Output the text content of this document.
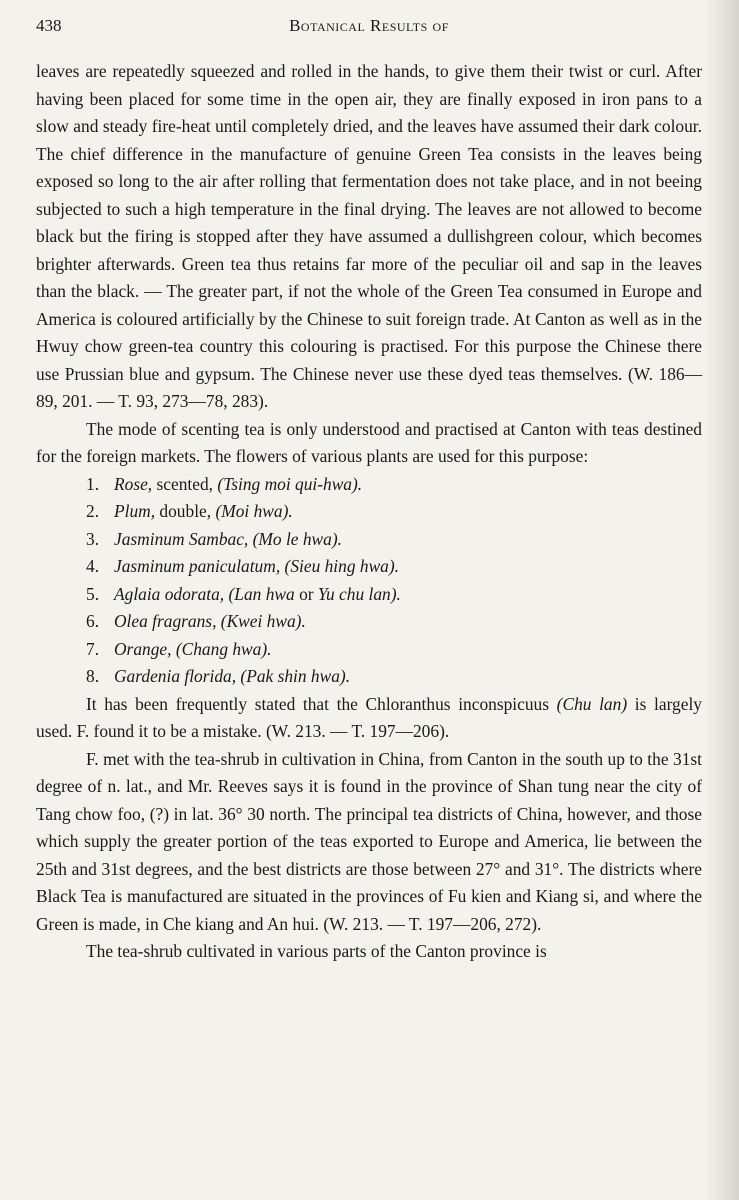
438	Botanical Results of

leaves are repeatedly squeezed and rolled in the hands, to give them their twist or curl. After having been placed for some time in the open air, they are finally exposed in iron pans to a slow and steady fire-heat until completely dried, and the leaves have assumed their dark colour. The chief difference in the manufacture of genuine Green Tea consists in the leaves being exposed so long to the air after rolling that fermentation does not take place, and in not beeing subjected to such a high temperature in the final drying. The leaves are not allowed to become black but the firing is stopped after they have assumed a dullishgreen colour, which becomes brighter afterwards. Green tea thus retains far more of the peculiar oil and sap in the leaves than the black. — The greater part, if not the whole of the Green Tea consumed in Europe and America is coloured artificially by the Chinese to suit foreign trade. At Canton as well as in the Hwuy chow green-tea country this colouring is practised. For this purpose the Chinese there use Prussian blue and gypsum. The Chinese never use these dyed teas themselves. (W. 186—89, 201. — T. 93, 273—78, 283).

The mode of scenting tea is only understood and practised at Canton with teas destined for the foreign markets. The flowers of various plants are used for this purpose:

1. Rose, scented, (Tsing moi qui-hwa).
2. Plum, double, (Moi hwa).
3. Jasminum Sambac, (Mo le hwa).
4. Jasminum paniculatum, (Sieu hing hwa).
5. Aglaia odorata, (Lan hwa or Yu chu lan).
6. Olea fragrans, (Kwei hwa).
7. Orange, (Chang hwa).
8. Gardenia florida, (Pak shin hwa).

It has been frequently stated that the Chloranthus inconspicuus (Chu lan) is largely used. F. found it to be a mistake. (W. 213. — T. 197—206).

F. met with the tea-shrub in cultivation in China, from Canton in the south up to the 31st degree of n. lat., and Mr. Reeves says it is found in the province of Shan tung near the city of Tang chow foo, (?) in lat. 36° 30 north. The principal tea districts of China, however, and those which supply the greater portion of the teas exported to Europe and America, lie between the 25th and 31st degrees, and the best districts are those between 27° and 31°. The districts where Black Tea is manufactured are situated in the provinces of Fu kien and Kiang si, and where the Green is made, in Che kiang and An hui. (W. 213. — T. 197—206, 272).

The tea-shrub cultivated in various parts of the Canton province is
